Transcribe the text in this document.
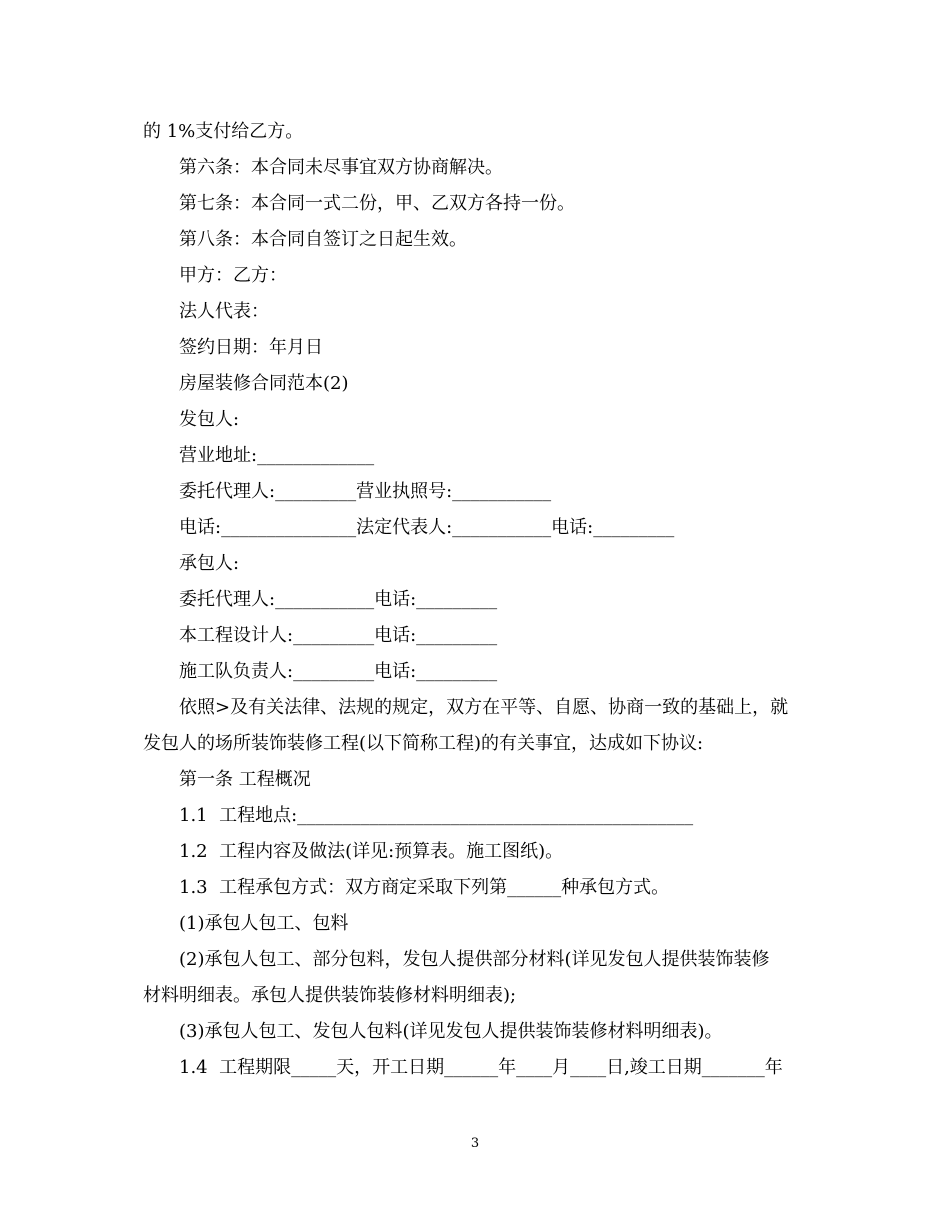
的 1%支付给乙方。
第六条：本合同未尽事宜双方协商解决。
第七条：本合同一式二份，甲、乙双方各持一份。
第八条：本合同自签订之日起生效。
甲方：乙方：
法人代表：
签约日期：年月日
房屋装修合同范本(2)
发包人:
营业地址:_____________
委托代理人:_________营业执照号:___________
电话:_______________法定代表人:___________电话:_________
承包人:
委托代理人:___________电话:_________
本工程设计人:_________电话:_________
施工队负责人:_________电话:_________
依照>及有关法律、法规的规定，双方在平等、自愿、协商一致的基础上，就
发包人的场所装饰装修工程(以下简称工程)的有关事宜，达成如下协议:
第一条 工程概况
1.1  工程地点:____________________________________________
1.2  工程内容及做法(详见:预算表。施工图纸)。
1.3  工程承包方式：双方商定采取下列第______种承包方式。
(1)承包人包工、包料
(2)承包人包工、部分包料，发包人提供部分材料(详见发包人提供装饰装修
材料明细表。承包人提供装饰装修材料明细表);
(3)承包人包工、发包人包料(详见发包人提供装饰装修材料明细表)。
1.4  工程期限_____天，开工日期______年____月____日,竣工日期_______年
3
